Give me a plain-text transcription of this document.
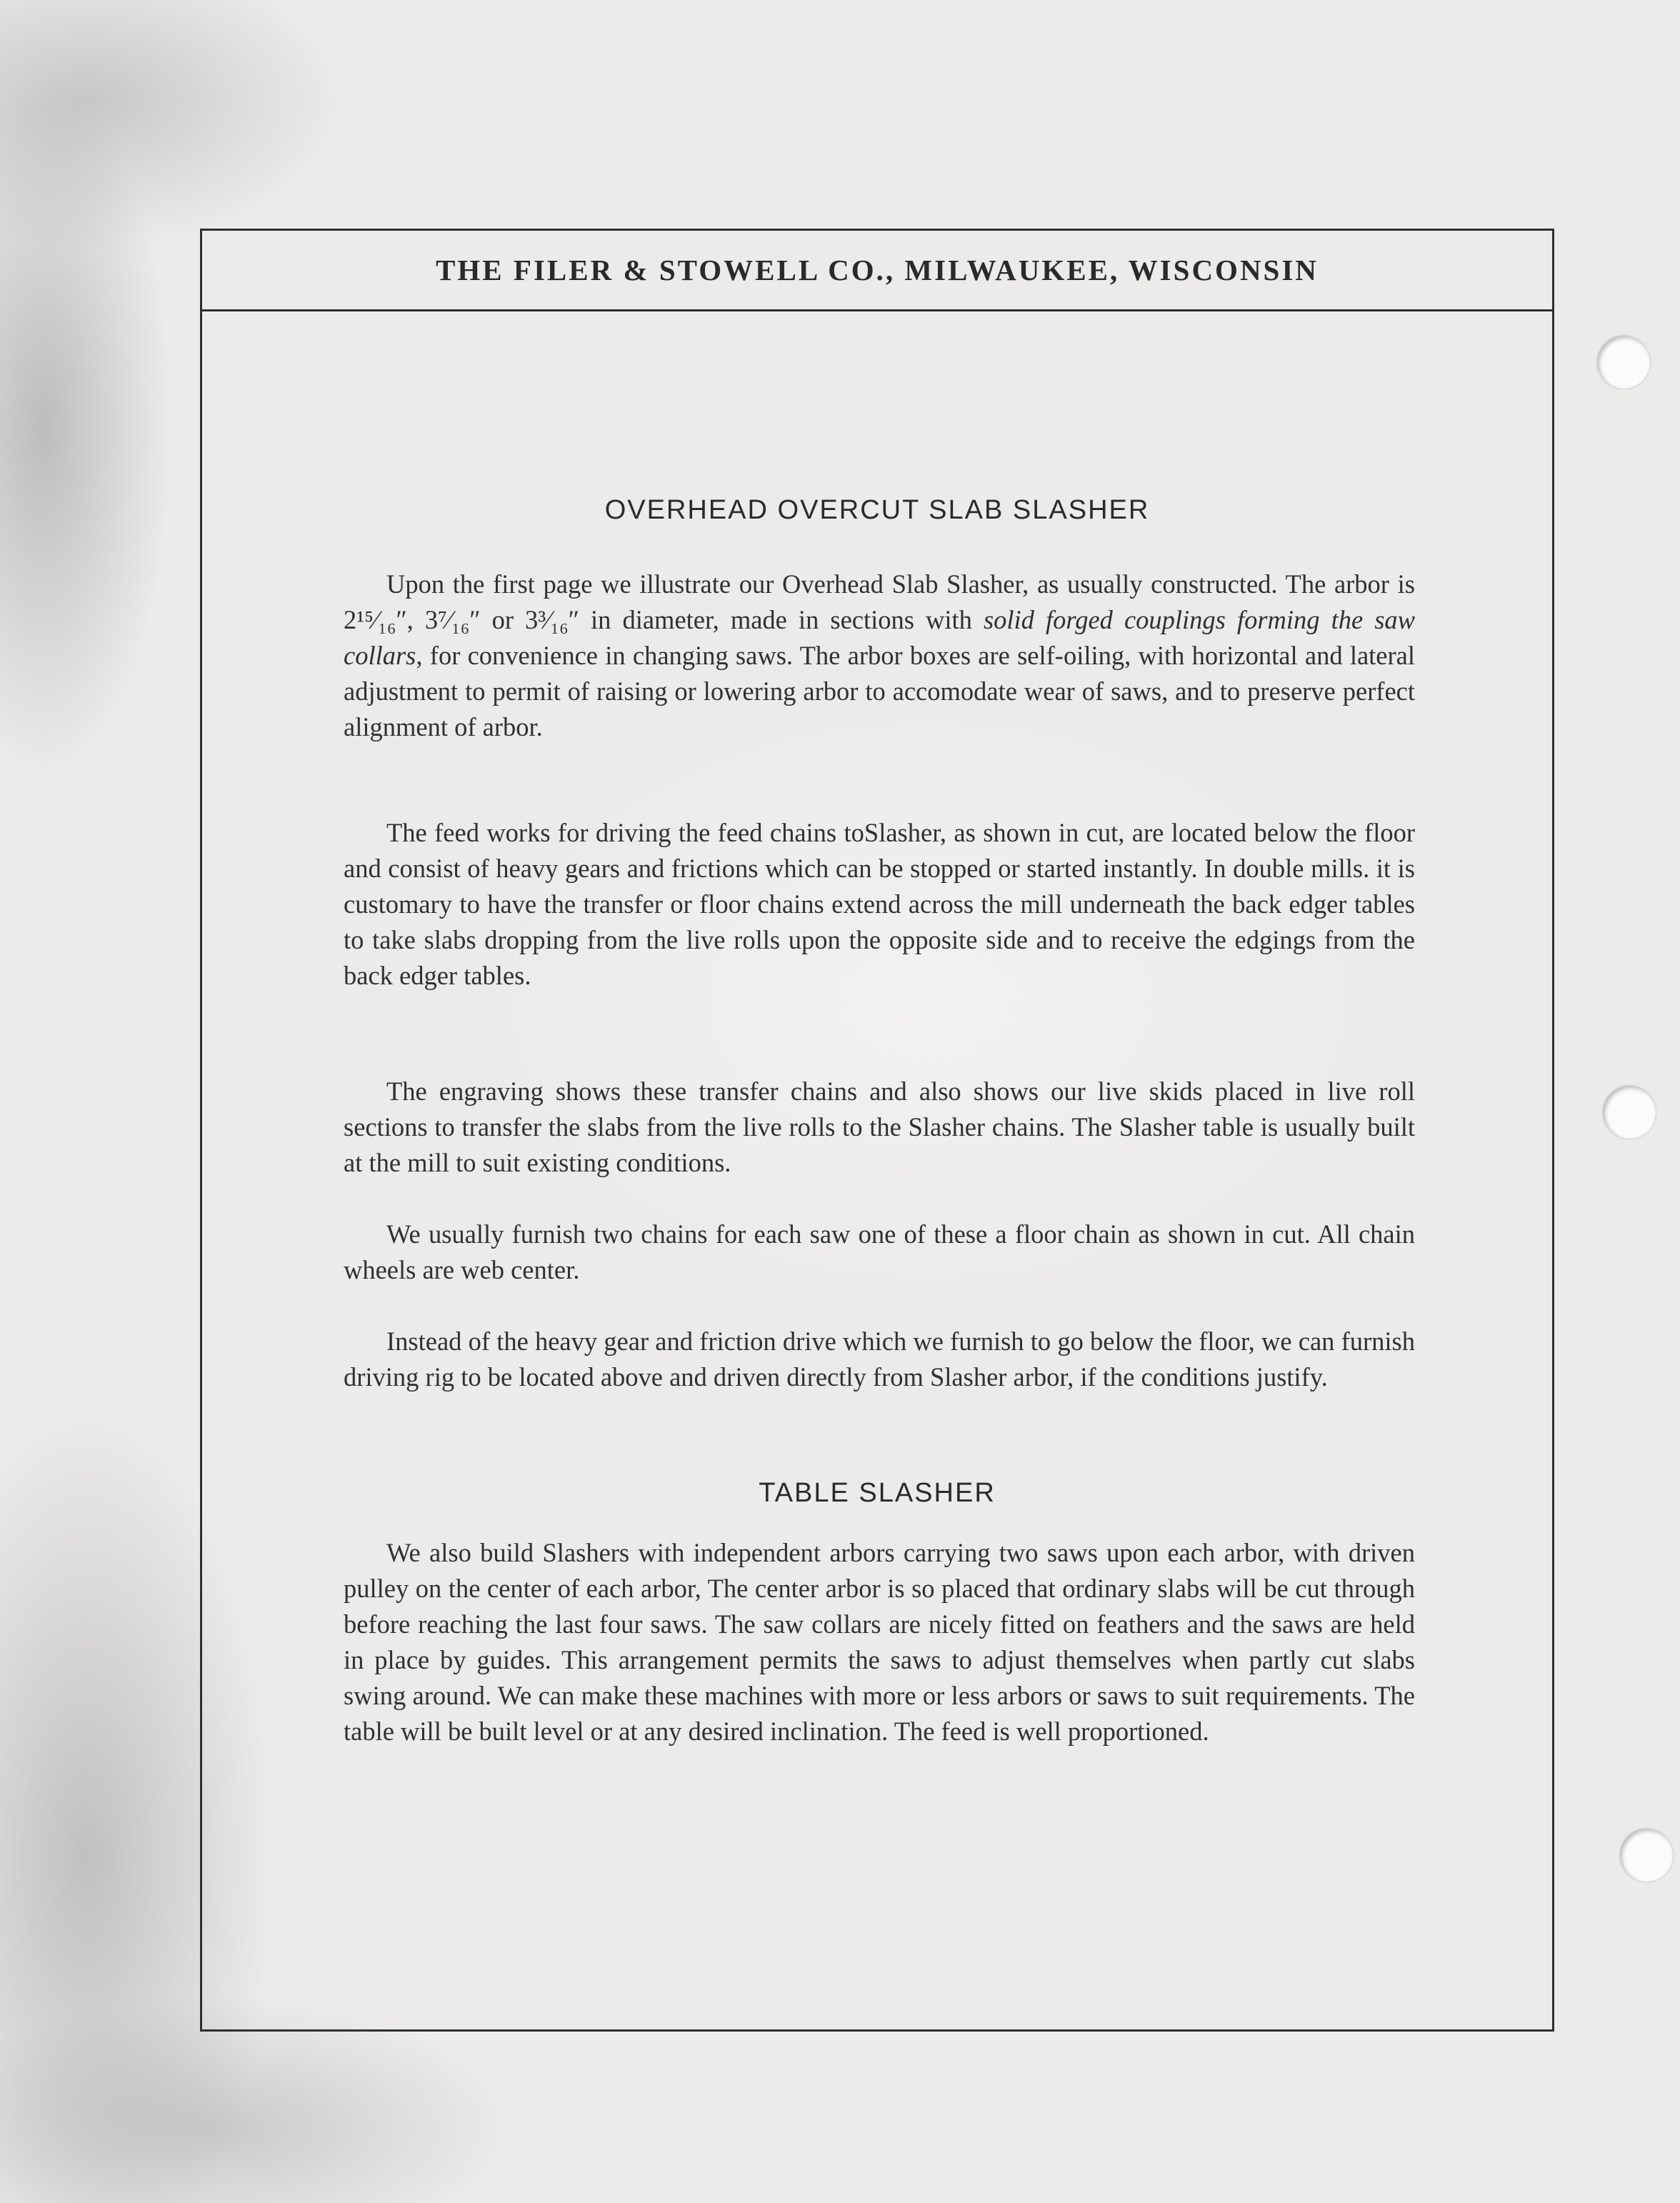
THE FILER & STOWELL CO., MILWAUKEE, WISCONSIN
OVERHEAD OVERCUT SLAB SLASHER

Upon the first page we illustrate our Overhead Slab Slasher, as usually constructed. The arbor is 2¹⁵⁄₁₆″, 3⁷⁄₁₆″ or 3³⁄₁₆″ in diameter, made in sections with solid forged couplings forming the saw collars, for convenience in changing saws. The arbor boxes are self-oiling, with horizontal and lateral adjustment to permit of raising or lowering arbor to accomodate wear of saws, and to preserve perfect alignment of arbor.

The feed works for driving the feed chains toSlasher, as shown in cut, are located below the floor and consist of heavy gears and frictions which can be stopped or started instantly. In double mills. it is customary to have the transfer or floor chains extend across the mill underneath the back edger tables to take slabs dropping from the live rolls upon the opposite side and to receive the edgings from the back edger tables.

The engraving shows these transfer chains and also shows our live skids placed in live roll sections to transfer the slabs from the live rolls to the Slasher chains. The Slasher table is usually built at the mill to suit existing conditions.

We usually furnish two chains for each saw one of these a floor chain as shown in cut. All chain wheels are web center.

Instead of the heavy gear and friction drive which we furnish to go below the floor, we can furnish driving rig to be located above and driven directly from Slasher arbor, if the conditions justify.

TABLE SLASHER

We also build Slashers with independent arbors carrying two saws upon each arbor, with driven pulley on the center of each arbor, The center arbor is so placed that ordinary slabs will be cut through before reaching the last four saws. The saw collars are nicely fitted on feathers and the saws are held in place by guides. This arrangement permits the saws to adjust themselves when partly cut slabs swing around. We can make these machines with more or less arbors or saws to suit requirements. The table will be built level or at any desired inclination. The feed is well proportioned.
